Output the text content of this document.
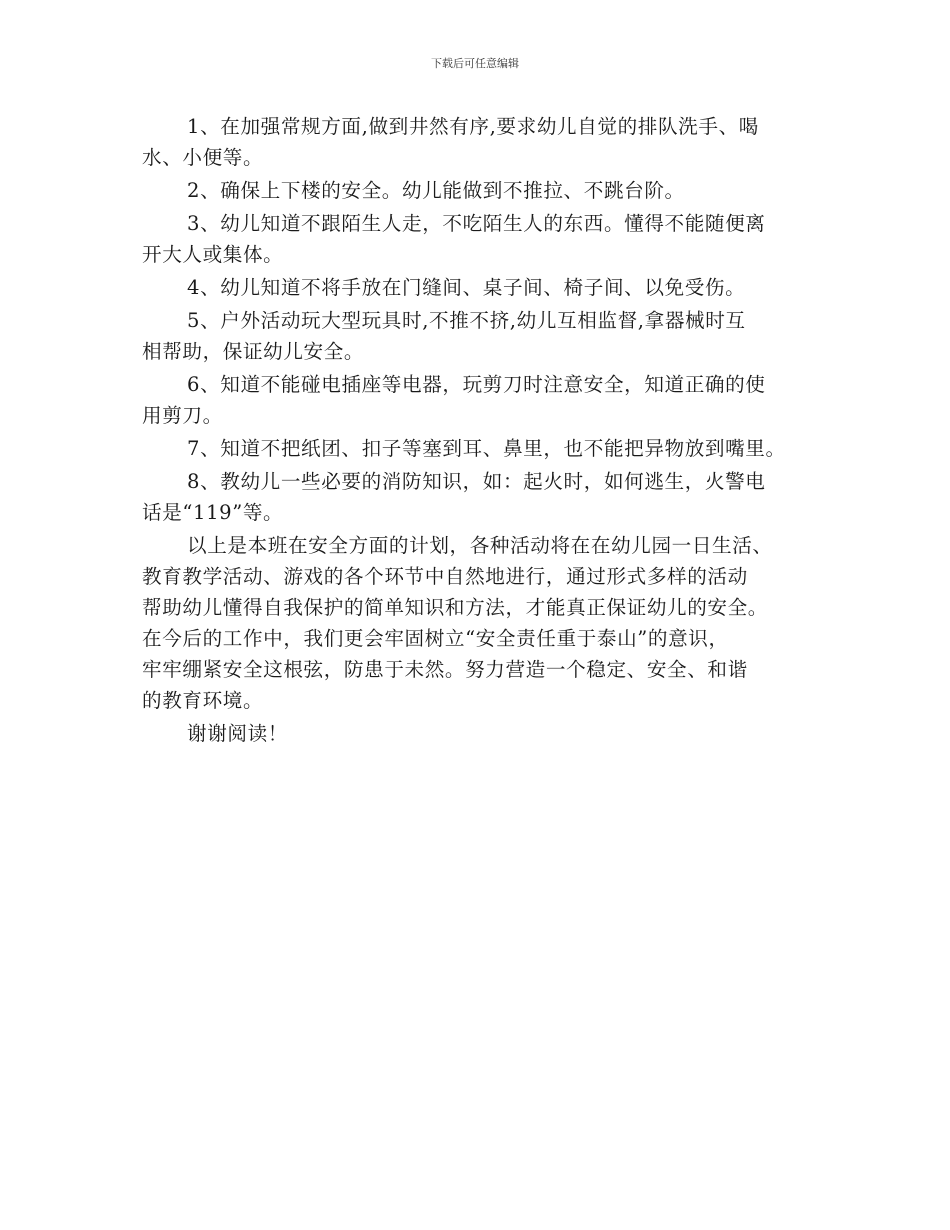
下载后可任意编辑

1、在加强常规方面,做到井然有序,要求幼儿自觉的排队洗手、喝
水、小便等。

2、确保上下楼的安全。幼儿能做到不推拉、不跳台阶。

3、幼儿知道不跟陌生人走，不吃陌生人的东西。懂得不能随便离
开大人或集体。

4、幼儿知道不将手放在门缝间、桌子间、椅子间、以免受伤。

5、户外活动玩大型玩具时,不推不挤,幼儿互相监督,拿器械时互
相帮助，保证幼儿安全。

6、知道不能碰电插座等电器，玩剪刀时注意安全，知道正确的使
用剪刀。

7、知道不把纸团、扣子等塞到耳、鼻里，也不能把异物放到嘴里。

8、教幼儿一些必要的消防知识，如：起火时，如何逃生，火警电
话是“119”等。

以上是本班在安全方面的计划，各种活动将在在幼儿园一日生活、
教育教学活动、游戏的各个环节中自然地进行，通过形式多样的活动
帮助幼儿懂得自我保护的简单知识和方法，才能真正保证幼儿的安全。
在今后的工作中，我们更会牢固树立“安全责任重于泰山”的意识，
牢牢绷紧安全这根弦，防患于未然。努力营造一个稳定、安全、和谐
的教育环境。

谢谢阅读！
